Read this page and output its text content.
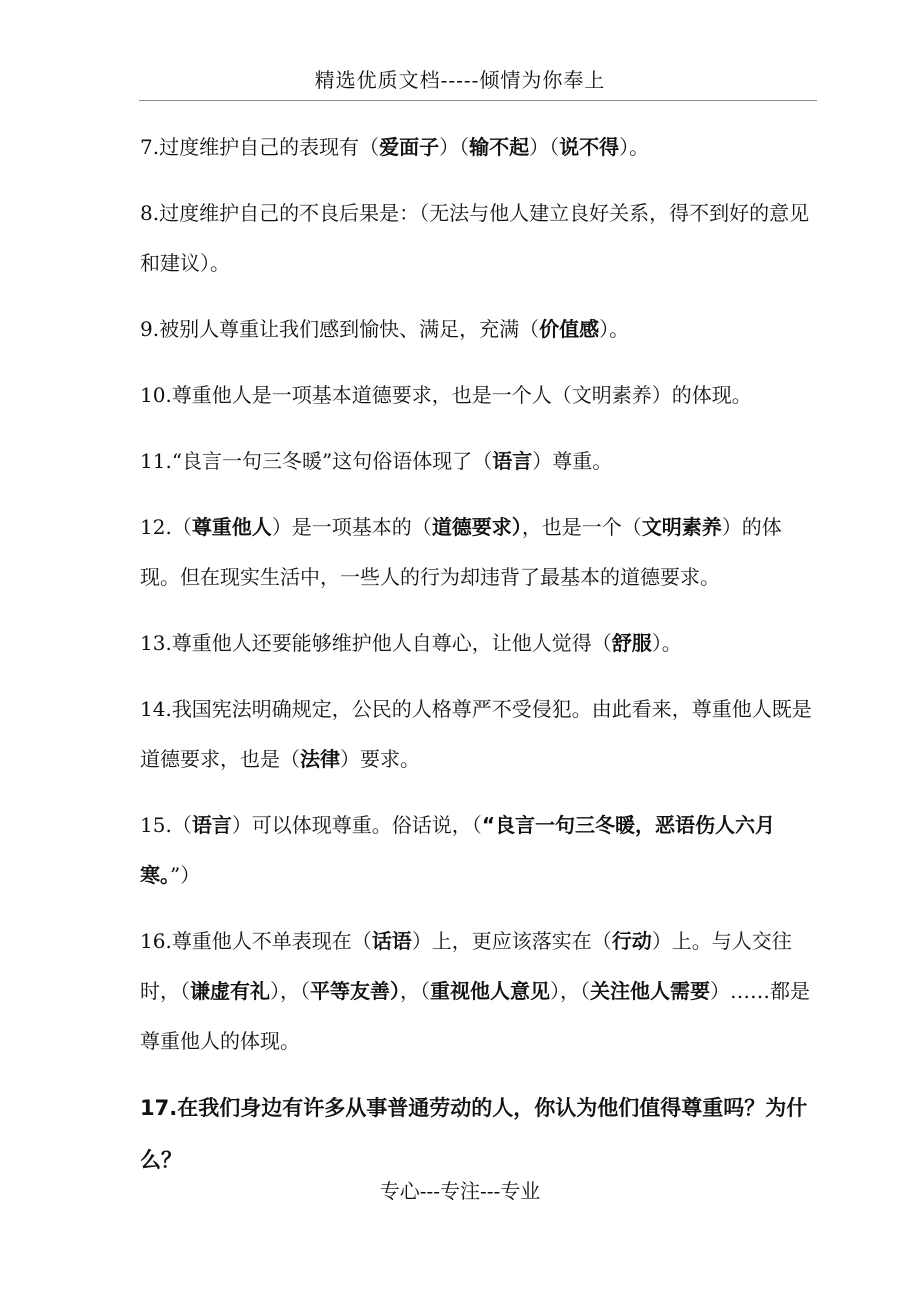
精选优质文档-----倾情为你奉上

7.过度维护自己的表现有（爱面子）（输不起）（说不得）。

8.过度维护自己的不良后果是：（无法与他人建立良好关系，得不到好的意见和建议）。

9.被别人尊重让我们感到愉快、满足，充满（价值感）。

10.尊重他人是一项基本道德要求，也是一个人（文明素养）的体现。

11.“良言一句三冬暖”这句俗语体现了（语言）尊重。

12.（尊重他人）是一项基本的（道德要求），也是一个（文明素养）的体现。但在现实生活中，一些人的行为却违背了最基本的道德要求。

13.尊重他人还要能够维护他人自尊心，让他人觉得（舒服）。

14.我国宪法明确规定，公民的人格尊严不受侵犯。由此看来，尊重他人既是道德要求，也是（法律）要求。

15.（语言）可以体现尊重。俗话说，（“良言一句三冬暖，恶语伤人六月寒。”）

16.尊重他人不单表现在（话语）上，更应该落实在（行动）上。与人交往时，（谦虚有礼），（平等友善），（重视他人意见），（关注他人需要）……都是尊重他人的体现。

17.在我们身边有许多从事普通劳动的人，你认为他们值得尊重吗？为什么？

专心---专注---专业
